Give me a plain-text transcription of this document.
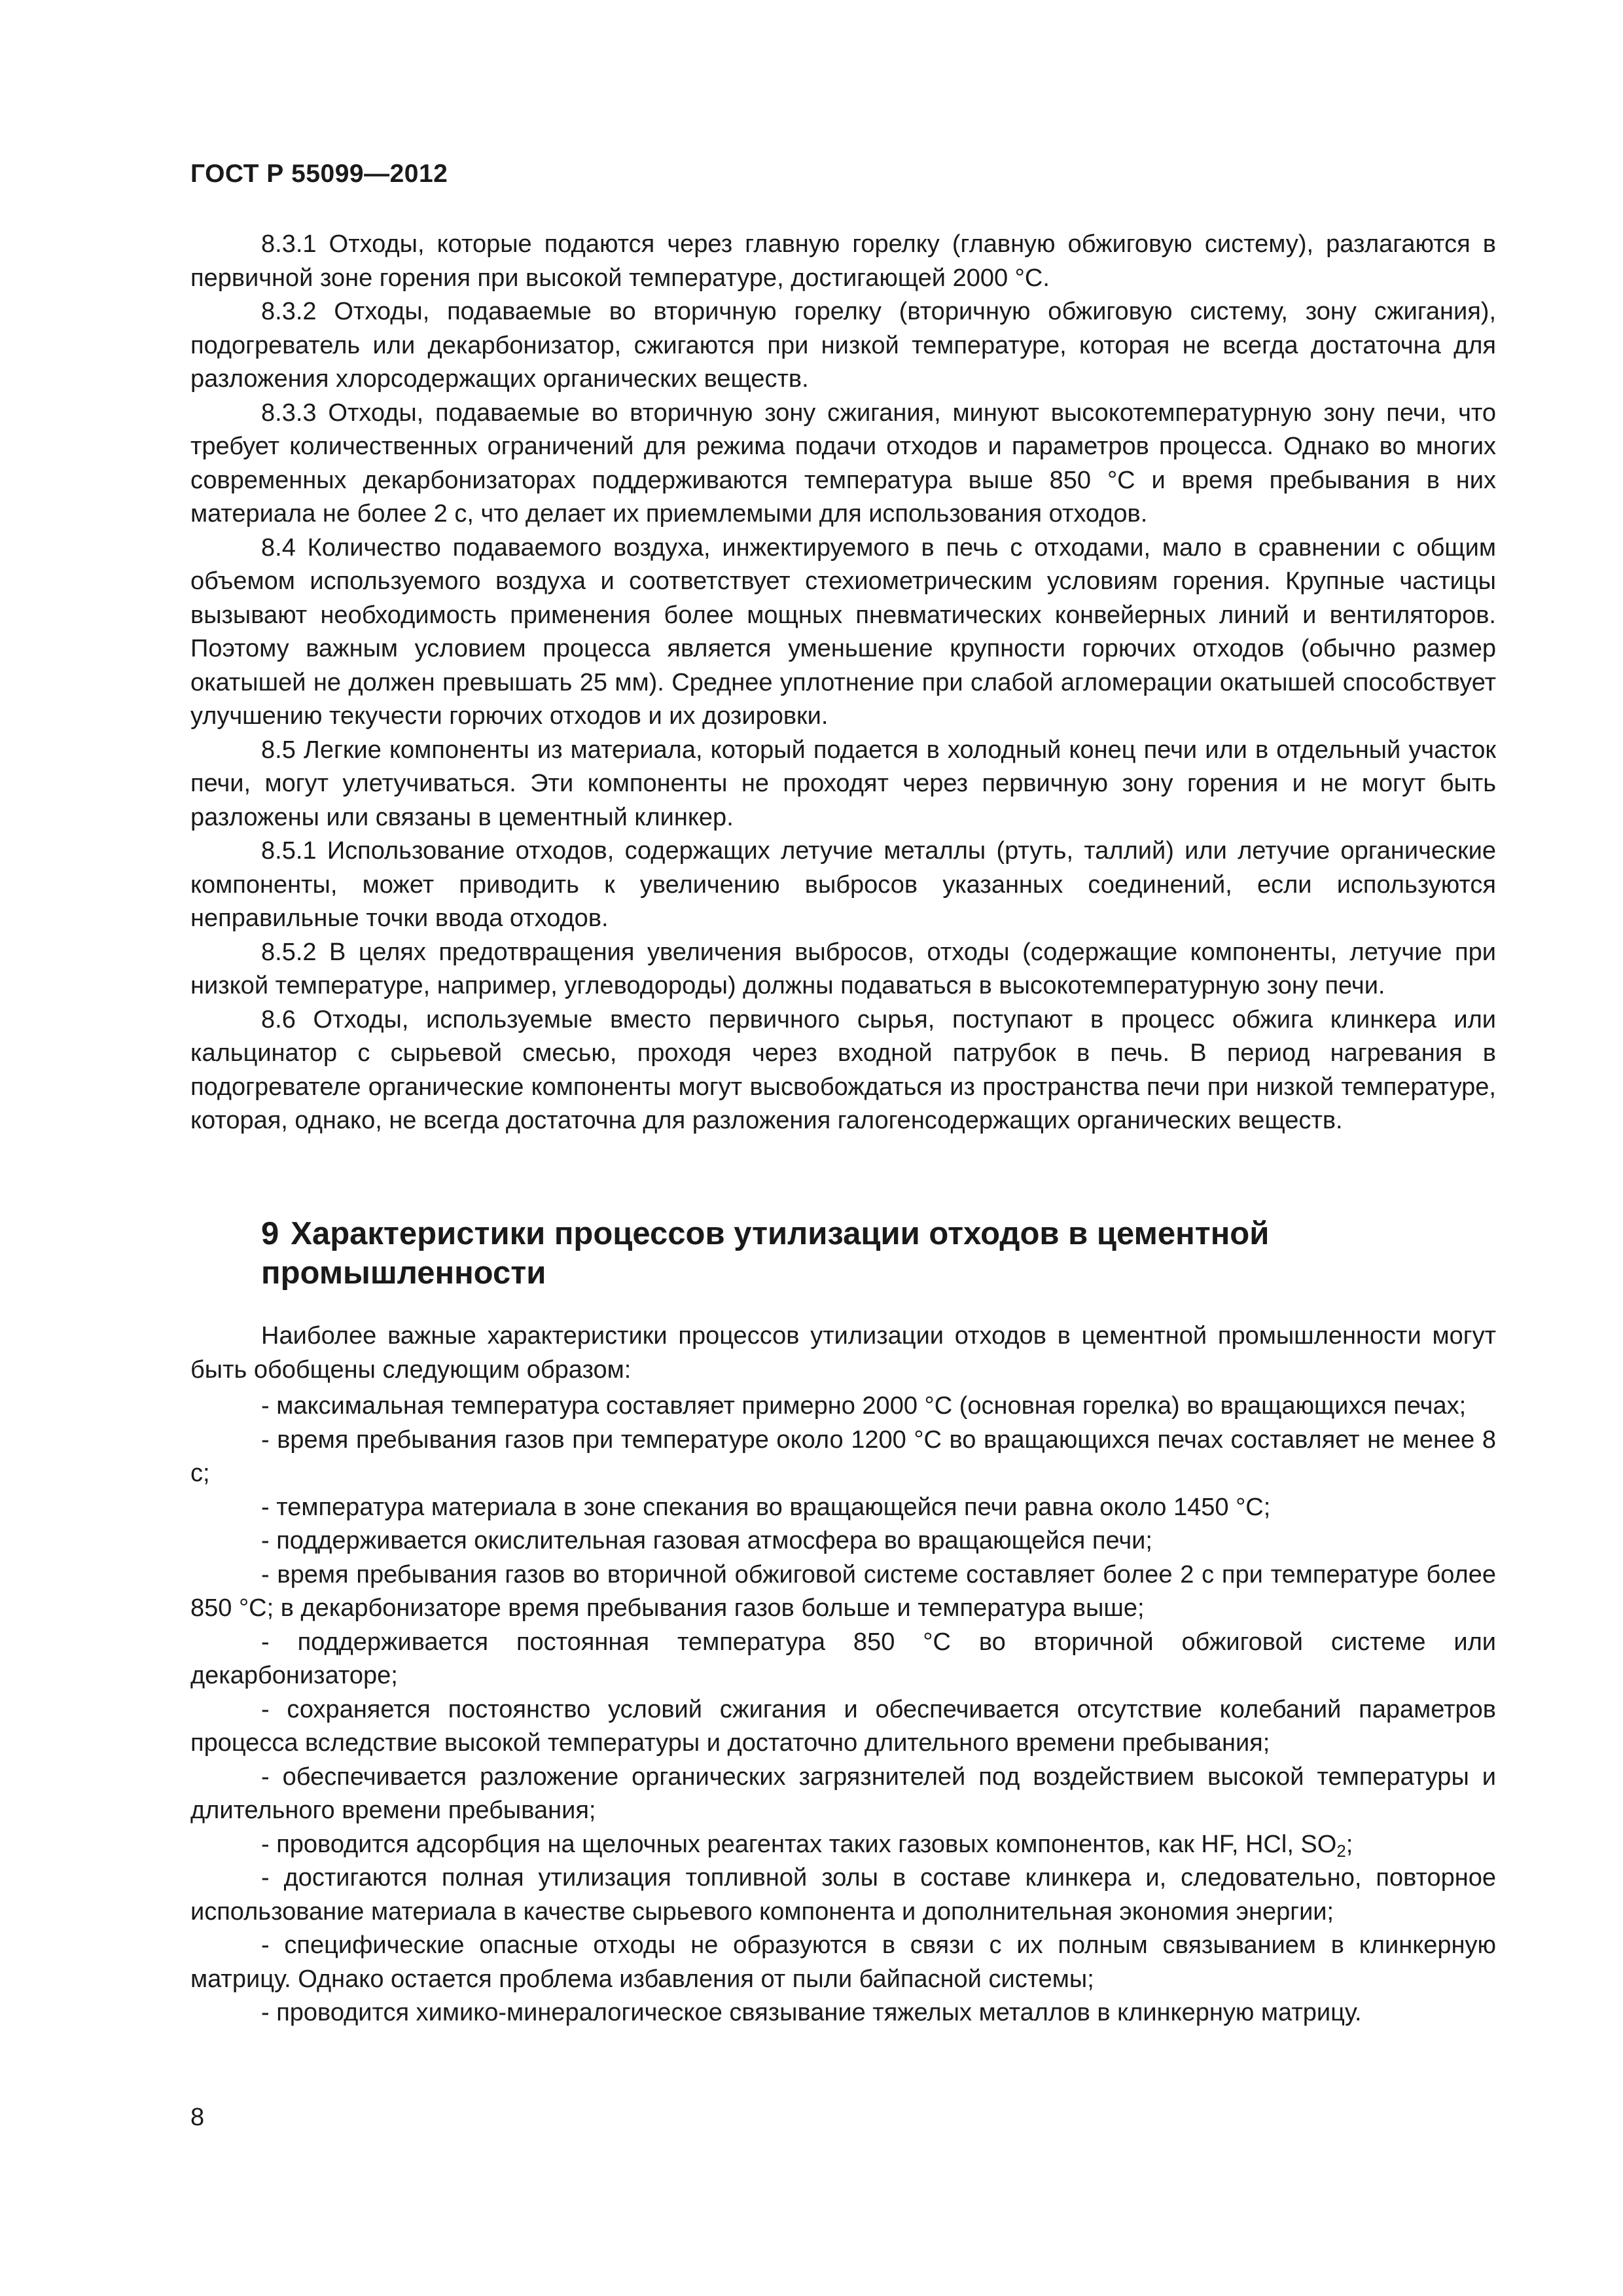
ГОСТ Р 55099—2012

8.3.1 Отходы, которые подаются через главную горелку (главную обжиговую систему), разлагаются в первичной зоне горения при высокой температуре, достигающей 2000 °С.

8.3.2 Отходы, подаваемые во вторичную горелку (вторичную обжиговую систему, зону сжигания), подогреватель или декарбонизатор, сжигаются при низкой температуре, которая не всегда достаточна для разложения хлорсодержащих органических веществ.

8.3.3 Отходы, подаваемые во вторичную зону сжигания, минуют высокотемпературную зону печи, что требует количественных ограничений для режима подачи отходов и параметров процесса. Однако во многих современных декарбонизаторах поддерживаются температура выше 850 °С и время пребывания в них материала не более 2 с, что делает их приемлемыми для использования отходов.

8.4 Количество подаваемого воздуха, инжектируемого в печь с отходами, мало в сравнении с общим объемом используемого воздуха и соответствует стехиометрическим условиям горения. Крупные частицы вызывают необходимость применения более мощных пневматических конвейерных линий и вентиляторов. Поэтому важным условием процесса является уменьшение крупности горючих отходов (обычно размер окатышей не должен превышать 25 мм). Среднее уплотнение при слабой агломерации окатышей способствует улучшению текучести горючих отходов и их дозировки.

8.5 Легкие компоненты из материала, который подается в холодный конец печи или в отдельный участок печи, могут улетучиваться. Эти компоненты не проходят через первичную зону горения и не могут быть разложены или связаны в цементный клинкер.

8.5.1 Использование отходов, содержащих летучие металлы (ртуть, таллий) или летучие органические компоненты, может приводить к увеличению выбросов указанных соединений, если используются неправильные точки ввода отходов.

8.5.2 В целях предотвращения увеличения выбросов, отходы (содержащие компоненты, летучие при низкой температуре, например, углеводороды) должны подаваться в высокотемпературную зону печи.

8.6 Отходы, используемые вместо первичного сырья, поступают в процесс обжига клинкера или кальцинатор с сырьевой смесью, проходя через входной патрубок в печь. В период нагревания в подогревателе органические компоненты могут высвобождаться из пространства печи при низкой температуре, которая, однако, не всегда достаточна для разложения галогенсодержащих органических веществ.

9 Характеристики процессов утилизации отходов в цементной промышленности

Наиболее важные характеристики процессов утилизации отходов в цементной промышленности могут быть обобщены следующим образом:

- максимальная температура составляет примерно 2000 °С (основная горелка) во вращающихся печах;

- время пребывания газов при температуре около 1200 °С во вращающихся печах составляет не менее 8 с;

- температура материала в зоне спекания во вращающейся печи равна около 1450 °С;

- поддерживается окислительная газовая атмосфера во вращающейся печи;

- время пребывания газов во вторичной обжиговой системе составляет более 2 с при температуре более 850 °С; в декарбонизаторе время пребывания газов больше и температура выше;

- поддерживается постоянная температура 850 °С во вторичной обжиговой системе или декарбонизаторе;

- сохраняется постоянство условий сжигания и обеспечивается отсутствие колебаний параметров процесса вследствие высокой температуры и достаточно длительного времени пребывания;

- обеспечивается разложение органических загрязнителей под воздействием высокой температуры и длительного времени пребывания;

- проводится адсорбция на щелочных реагентах таких газовых компонентов, как HF, HCl, $SO_2$;

- достигаются полная утилизация топливной золы в составе клинкера и, следовательно, повторное использование материала в качестве сырьевого компонента и дополнительная экономия энергии;

- специфические опасные отходы не образуются в связи с их полным связыванием в клинкерную матрицу. Однако остается проблема избавления от пыли байпасной системы;

- проводится химико-минералогическое связывание тяжелых металлов в клинкерную матрицу.

8
